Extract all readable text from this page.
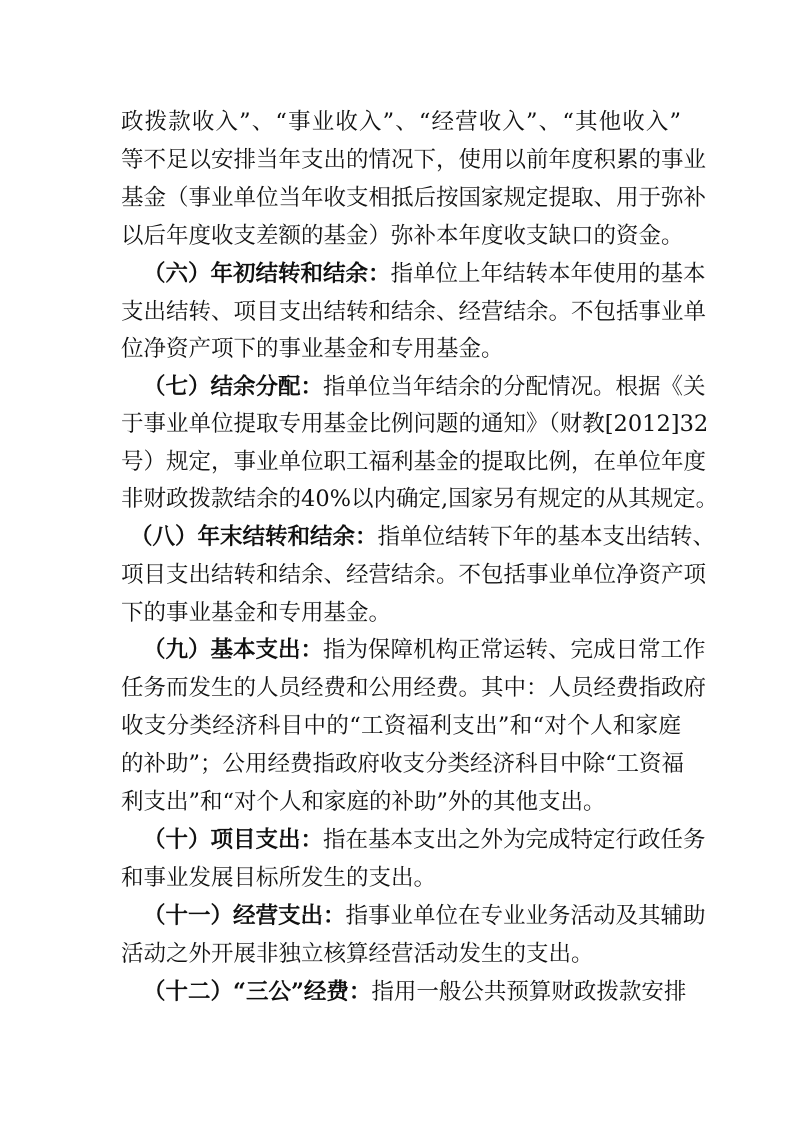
政拨款收入”、“事业收入”、“经营收入”、“其他收入”
等不足以安排当年支出的情况下，使用以前年度积累的事业
基金（事业单位当年收支相抵后按国家规定提取、用于弥补
以后年度收支差额的基金）弥补本年度收支缺口的资金。
（六）年初结转和结余：指单位上年结转本年使用的基本
支出结转、项目支出结转和结余、经营结余。不包括事业单
位净资产项下的事业基金和专用基金。
（七）结余分配：指单位当年结余的分配情况。根据《关
于事业单位提取专用基金比例问题的通知》（财教[2012]32
号）规定，事业单位职工福利基金的提取比例，在单位年度
非财政拨款结余的40%以内确定,国家另有规定的从其规定。
（八）年末结转和结余：指单位结转下年的基本支出结转、
项目支出结转和结余、经营结余。不包括事业单位净资产项
下的事业基金和专用基金。
（九）基本支出：指为保障机构正常运转、完成日常工作
任务而发生的人员经费和公用经费。其中：人员经费指政府
收支分类经济科目中的“工资福利支出”和“对个人和家庭
的补助”；公用经费指政府收支分类经济科目中除“工资福
利支出”和“对个人和家庭的补助”外的其他支出。
（十）项目支出：指在基本支出之外为完成特定行政任务
和事业发展目标所发生的支出。
（十一）经营支出：指事业单位在专业业务活动及其辅助
活动之外开展非独立核算经营活动发生的支出。
（十二）“三公”经费：指用一般公共预算财政拨款安排
